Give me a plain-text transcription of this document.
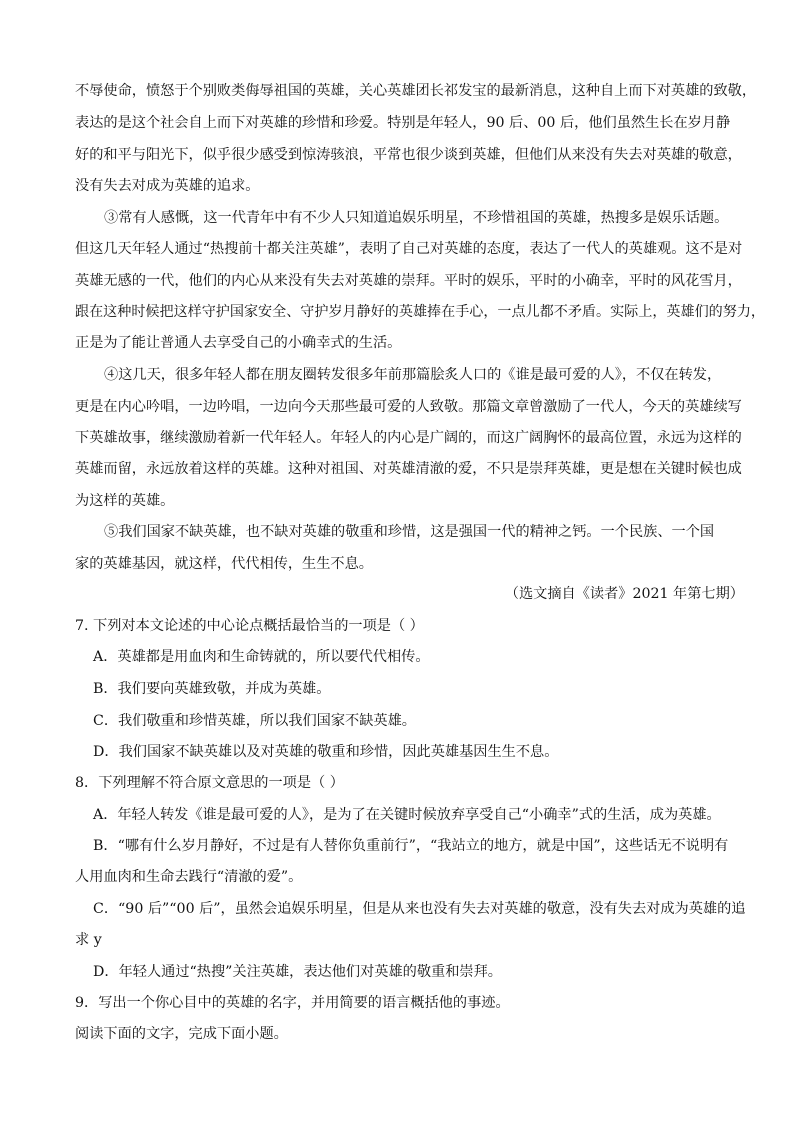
不辱使命，愤怒于个别败类侮辱祖国的英雄，关心英雄团长祁发宝的最新消息，这种自上而下对英雄的致敬，
表达的是这个社会自上而下对英雄的珍惜和珍爱。特别是年轻人，90 后、00 后，他们虽然生长在岁月静
好的和平与阳光下，似乎很少感受到惊涛骇浪，平常也很少谈到英雄，但他们从来没有失去对英雄的敬意，
没有失去对成为英雄的追求。
③常有人感慨，这一代青年中有不少人只知道追娱乐明星，不珍惜祖国的英雄，热搜多是娱乐话题。
但这几天年轻人通过“热搜前十都关注英雄”，表明了自己对英雄的态度，表达了一代人的英雄观。这不是对
英雄无感的一代，他们的内心从来没有失去对英雄的崇拜。平时的娱乐，平时的小确幸，平时的风花雪月，
跟在这种时候把这样守护国家安全、守护岁月静好的英雄捧在手心，一点儿都不矛盾。实际上，英雄们的努力，
正是为了能让普通人去享受自己的小确幸式的生活。
④这几天，很多年轻人都在朋友圈转发很多年前那篇脍炙人口的《谁是最可爱的人》，不仅在转发，
更是在内心吟唱，一边吟唱，一边向今天那些最可爱的人致敬。那篇文章曾激励了一代人，今天的英雄续写
下英雄故事，继续激励着新一代年轻人。年轻人的内心是广阔的，而这广阔胸怀的最高位置，永远为这样的
英雄而留，永远放着这样的英雄。这种对祖国、对英雄清澈的爱，不只是崇拜英雄，更是想在关键时候也成
为这样的英雄。
⑤我们国家不缺英雄，也不缺对英雄的敬重和珍惜，这是强国一代的精神之钙。一个民族、一个国
家的英雄基因，就这样，代代相传，生生不息。
（选文摘自《读者》2021 年第七期）
7. 下列对本文论述的中心论点概括最恰当的一项是（ ）
A．英雄都是用血肉和生命铸就的，所以要代代相传。
B．我们要向英雄致敬，并成为英雄。
C．我们敬重和珍惜英雄，所以我们国家不缺英雄。
D．我们国家不缺英雄以及对英雄的敬重和珍惜，因此英雄基因生生不息。
8．下列理解不符合原文意思的一项是（ ）
A．年轻人转发《谁是最可爱的人》，是为了在关键时候放弃享受自己“小确幸”式的生活，成为英雄。
B．“哪有什么岁月静好，不过是有人替你负重前行”，“我站立的地方，就是中国”，这些话无不说明有
人用血肉和生命去践行“清澈的爱”。
C．“90 后”“00 后”，虽然会追娱乐明星，但是从来也没有失去对英雄的敬意，没有失去对成为英雄的追
求 y
D．年轻人通过“热搜”关注英雄，表达他们对英雄的敬重和崇拜。
9．写出一个你心目中的英雄的名字，并用简要的语言概括他的事迹。
阅读下面的文字，完成下面小题。
